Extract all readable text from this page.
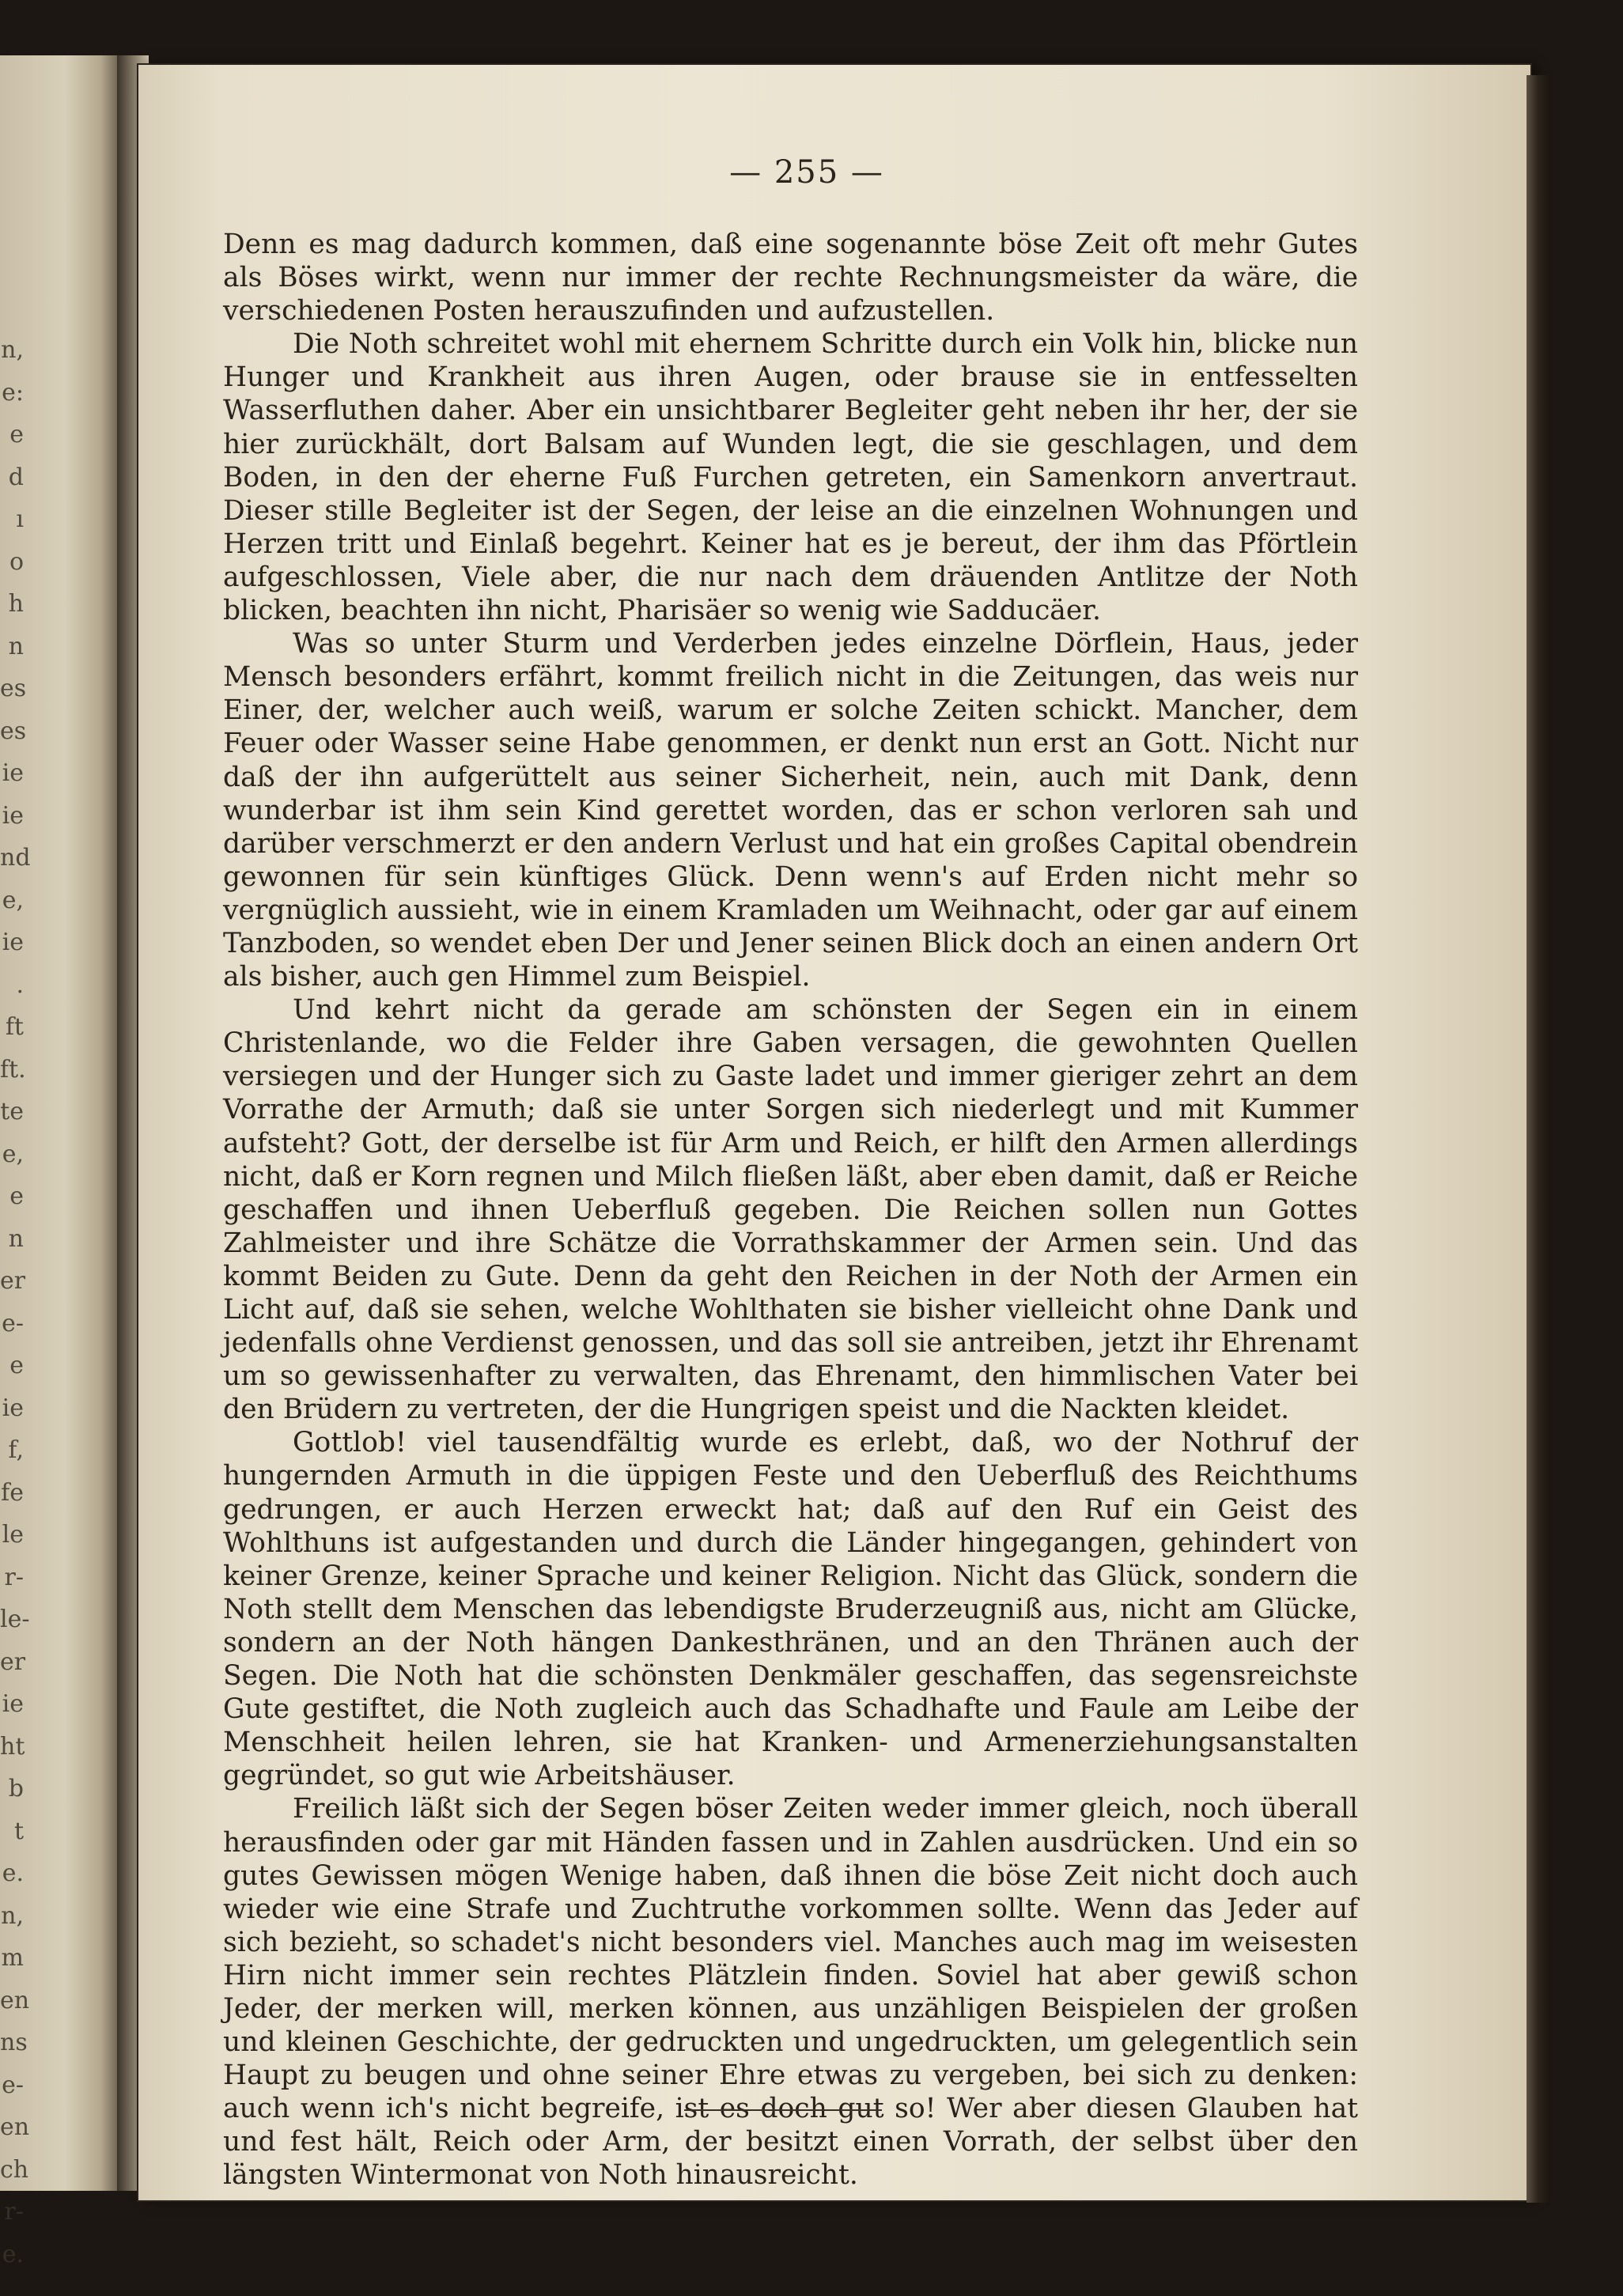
n,
e:
e
d
ı
o
h
n
es
es
ie
ie
nd
e,
ie
.
ft
ft.
te
e,
e
n
er
e-
e
ie
f,
fe
le
r-
le-
er
ie
ht
b
t
e.
n,
m
en
ns
e-
en
ch
r-
e.
— 255 —

Denn es mag dadurch kommen, daß eine sogenannte böse Zeit oft mehr Gutes als Böses wirkt, wenn nur immer der rechte Rechnungsmeister da wäre, die verschiedenen Posten herauszufinden und aufzustellen.

Die Noth schreitet wohl mit ehernem Schritte durch ein Volk hin, blicke nun Hunger und Krankheit aus ihren Augen, oder brause sie in entfesselten Wasserfluthen daher. Aber ein unsichtbarer Begleiter geht neben ihr her, der sie hier zurückhält, dort Balsam auf Wunden legt, die sie geschlagen, und dem Boden, in den der eherne Fuß Furchen getreten, ein Samenkorn anvertraut. Dieser stille Begleiter ist der Segen, der leise an die einzelnen Wohnungen und Herzen tritt und Einlaß begehrt. Keiner hat es je bereut, der ihm das Pförtlein aufgeschlossen, Viele aber, die nur nach dem dräuenden Antlitze der Noth blicken, beachten ihn nicht, Pharisäer so wenig wie Sadducäer.

Was so unter Sturm und Verderben jedes einzelne Dörflein, Haus, jeder Mensch besonders erfährt, kommt freilich nicht in die Zeitungen, das weis nur Einer, der, welcher auch weiß, warum er solche Zeiten schickt. Mancher, dem Feuer oder Wasser seine Habe genommen, er denkt nun erst an Gott. Nicht nur daß der ihn aufgerüttelt aus seiner Sicherheit, nein, auch mit Dank, denn wunderbar ist ihm sein Kind gerettet worden, das er schon verloren sah und darüber verschmerzt er den andern Verlust und hat ein großes Capital obendrein gewonnen für sein künftiges Glück. Denn wenn's auf Erden nicht mehr so vergnüglich aussieht, wie in einem Kramladen um Weihnacht, oder gar auf einem Tanzboden, so wendet eben Der und Jener seinen Blick doch an einen andern Ort als bisher, auch gen Himmel zum Beispiel.

Und kehrt nicht da gerade am schönsten der Segen ein in einem Christenlande, wo die Felder ihre Gaben versagen, die gewohnten Quellen versiegen und der Hunger sich zu Gaste ladet und immer gieriger zehrt an dem Vorrathe der Armuth; daß sie unter Sorgen sich niederlegt und mit Kummer aufsteht? Gott, der derselbe ist für Arm und Reich, er hilft den Armen allerdings nicht, daß er Korn regnen und Milch fließen läßt, aber eben damit, daß er Reiche geschaffen und ihnen Ueberfluß gegeben. Die Reichen sollen nun Gottes Zahlmeister und ihre Schätze die Vorrathskammer der Armen sein. Und das kommt Beiden zu Gute. Denn da geht den Reichen in der Noth der Armen ein Licht auf, daß sie sehen, welche Wohlthaten sie bisher vielleicht ohne Dank und jedenfalls ohne Verdienst genossen, und das soll sie antreiben, jetzt ihr Ehrenamt um so gewissenhafter zu verwalten, das Ehrenamt, den himmlischen Vater bei den Brüdern zu vertreten, der die Hungrigen speist und die Nackten kleidet.

Gottlob! viel tausendfältig wurde es erlebt, daß, wo der Nothruf der hungernden Armuth in die üppigen Feste und den Ueberfluß des Reichthums gedrungen, er auch Herzen erweckt hat; daß auf den Ruf ein Geist des Wohlthuns ist aufgestanden und durch die Länder hingegangen, gehindert von keiner Grenze, keiner Sprache und keiner Religion. Nicht das Glück, sondern die Noth stellt dem Menschen das lebendigste Bruderzeugniß aus, nicht am Glücke, sondern an der Noth hängen Dankesthränen, und an den Thränen auch der Segen. Die Noth hat die schönsten Denkmäler geschaffen, das segensreichste Gute gestiftet, die Noth zugleich auch das Schadhafte und Faule am Leibe der Menschheit heilen lehren, sie hat Kranken- und Armenerziehungsanstalten gegründet, so gut wie Arbeitshäuser.

Freilich läßt sich der Segen böser Zeiten weder immer gleich, noch überall herausfinden oder gar mit Händen fassen und in Zahlen ausdrücken. Und ein so gutes Gewissen mögen Wenige haben, daß ihnen die böse Zeit nicht doch auch wieder wie eine Strafe und Zuchtruthe vorkommen sollte. Wenn das Jeder auf sich bezieht, so schadet's nicht besonders viel. Manches auch mag im weisesten Hirn nicht immer sein rechtes Plätzlein finden. Soviel hat aber gewiß schon Jeder, der merken will, merken können, aus unzähligen Beispielen der großen und kleinen Geschichte, der gedruckten und ungedruckten, um gelegentlich sein Haupt zu beugen und ohne seiner Ehre etwas zu vergeben, bei sich zu denken: auch wenn ich's nicht begreife, ist es doch gut so! Wer aber diesen Glauben hat und fest hält, Reich oder Arm, der besitzt einen Vorrath, der selbst über den längsten Wintermonat von Noth hinausreicht.
